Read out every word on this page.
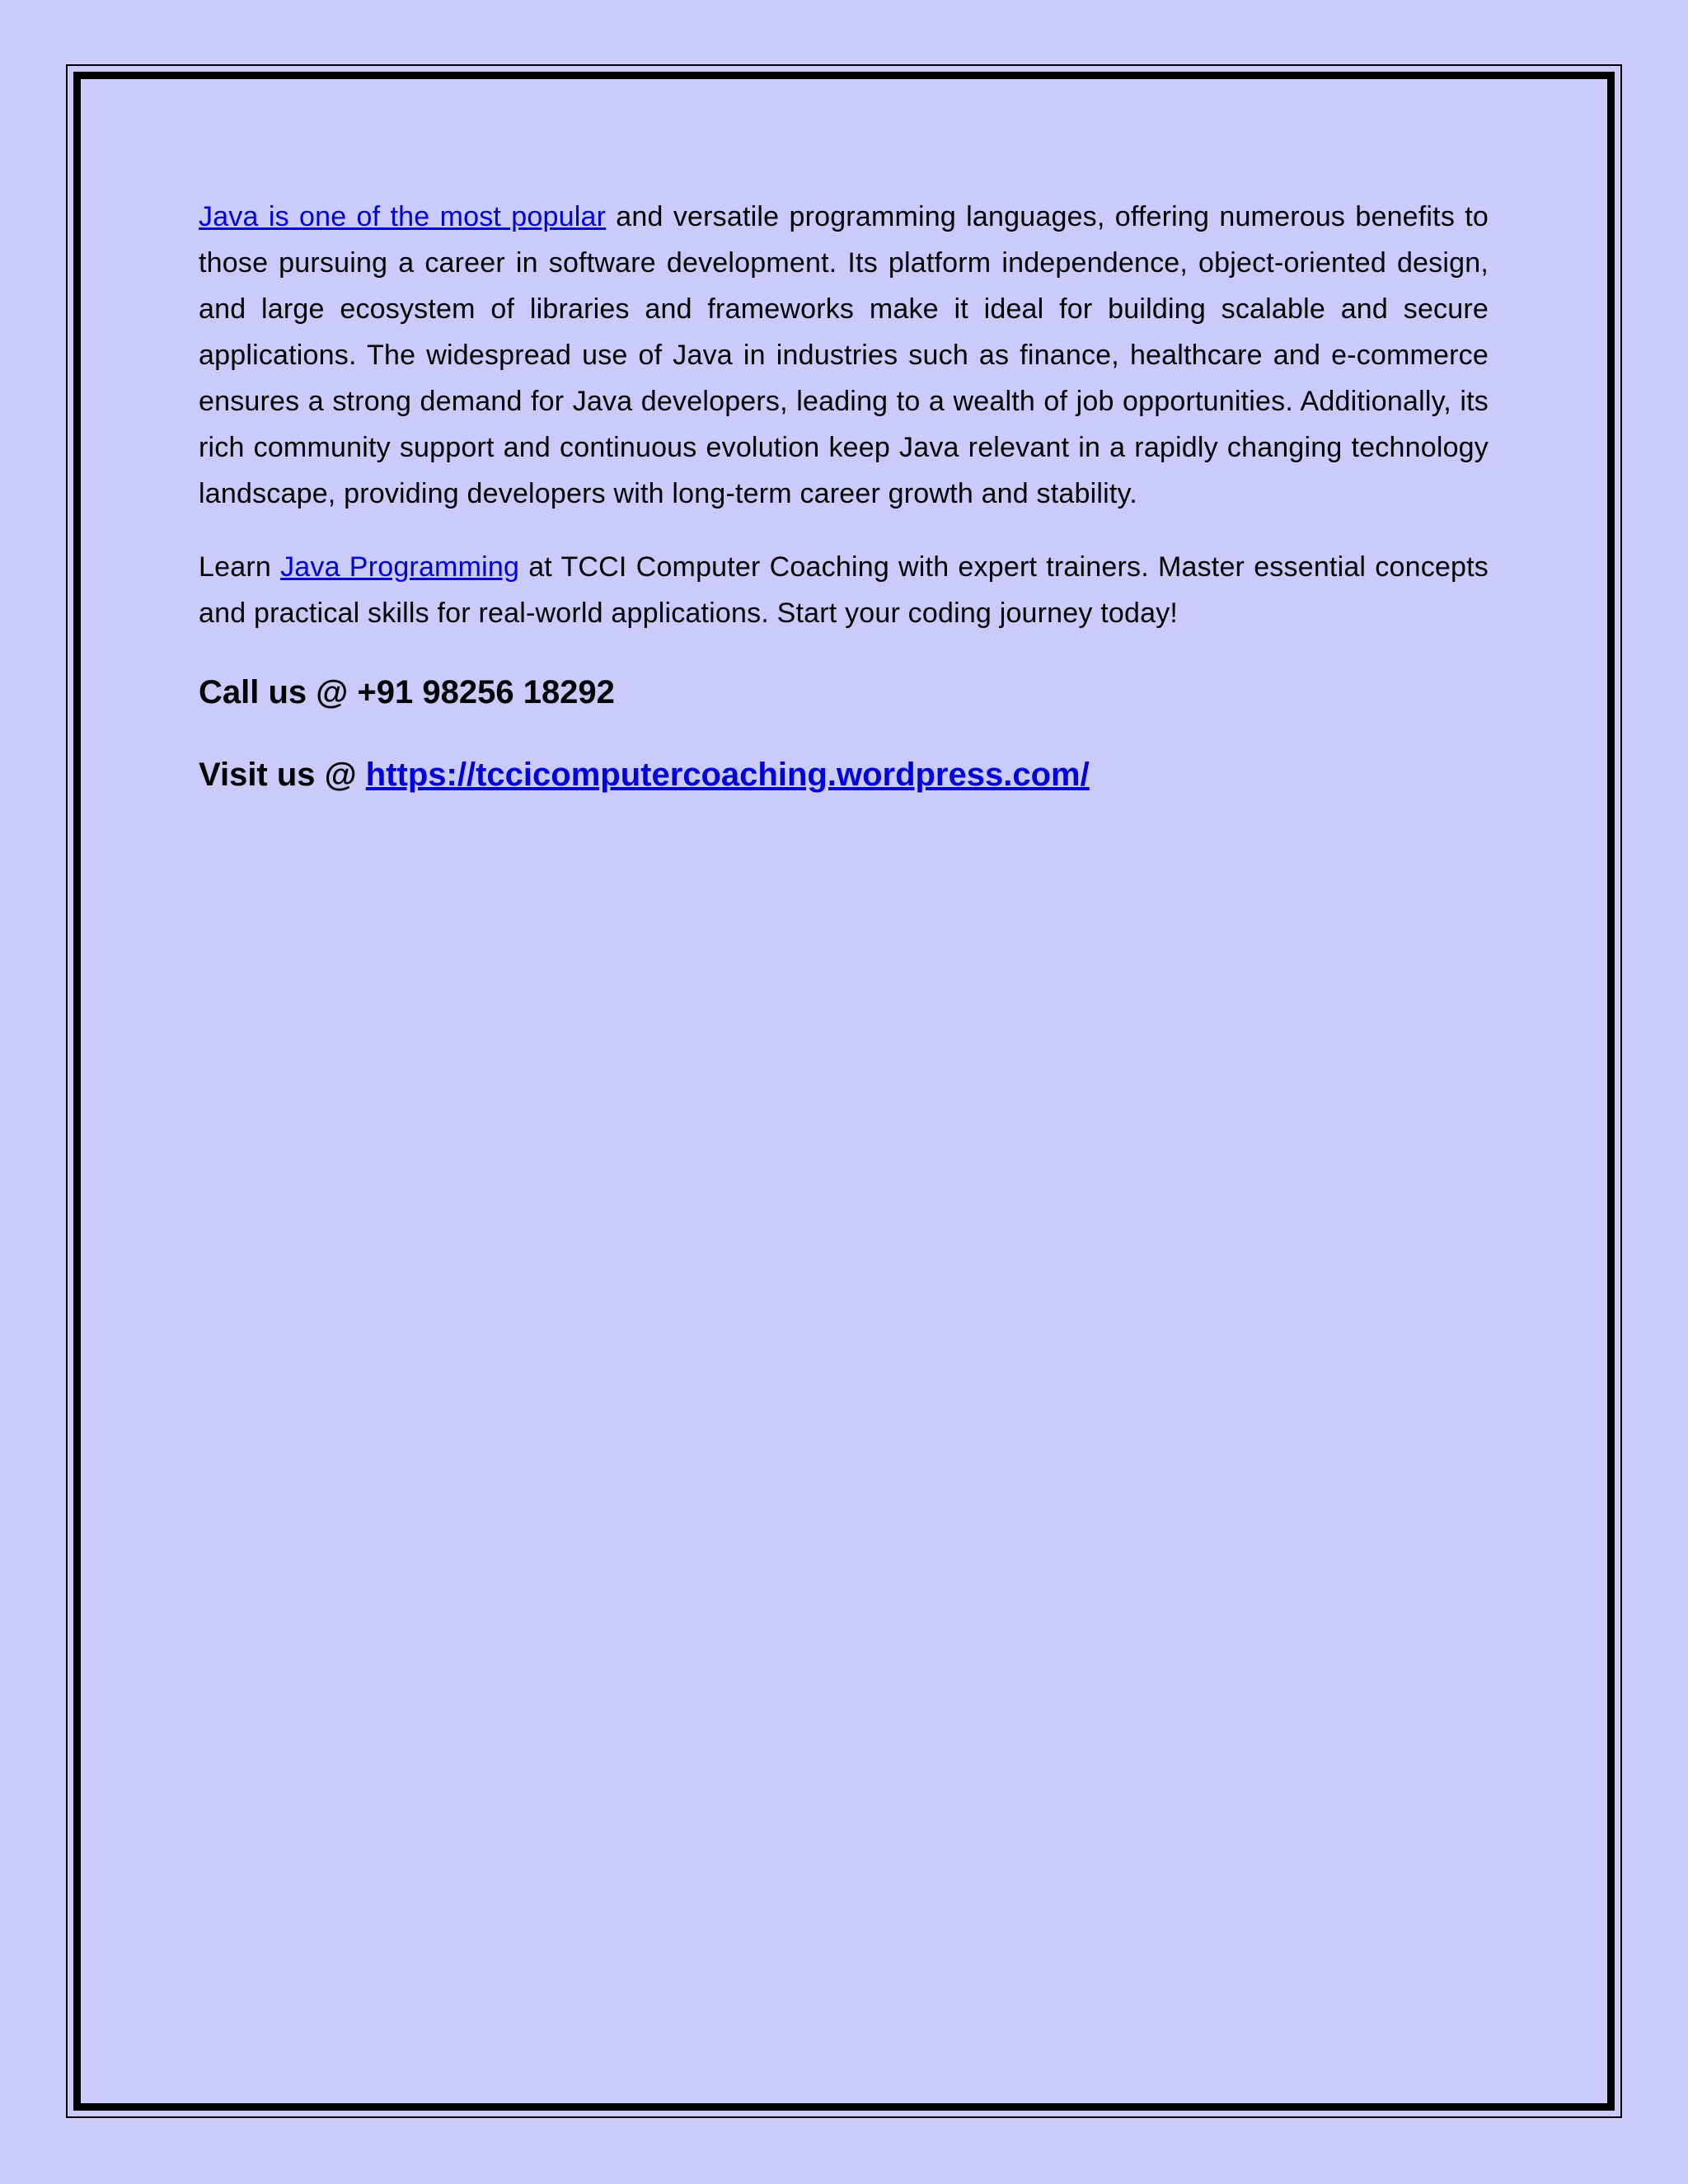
Java is one of the most popular and versatile programming languages, offering numerous benefits to those pursuing a career in software development. Its platform independence, object-oriented design, and large ecosystem of libraries and frameworks make it ideal for building scalable and secure applications. The widespread use of Java in industries such as finance, healthcare and e-commerce ensures a strong demand for Java developers, leading to a wealth of job opportunities. Additionally, its rich community support and continuous evolution keep Java relevant in a rapidly changing technology landscape, providing developers with long-term career growth and stability.

Learn Java Programming at TCCI Computer Coaching with expert trainers. Master essential concepts and practical skills for real-world applications. Start your coding journey today!

Call us @ +91 98256 18292

Visit us @ https://tccicomputercoaching.wordpress.com/
